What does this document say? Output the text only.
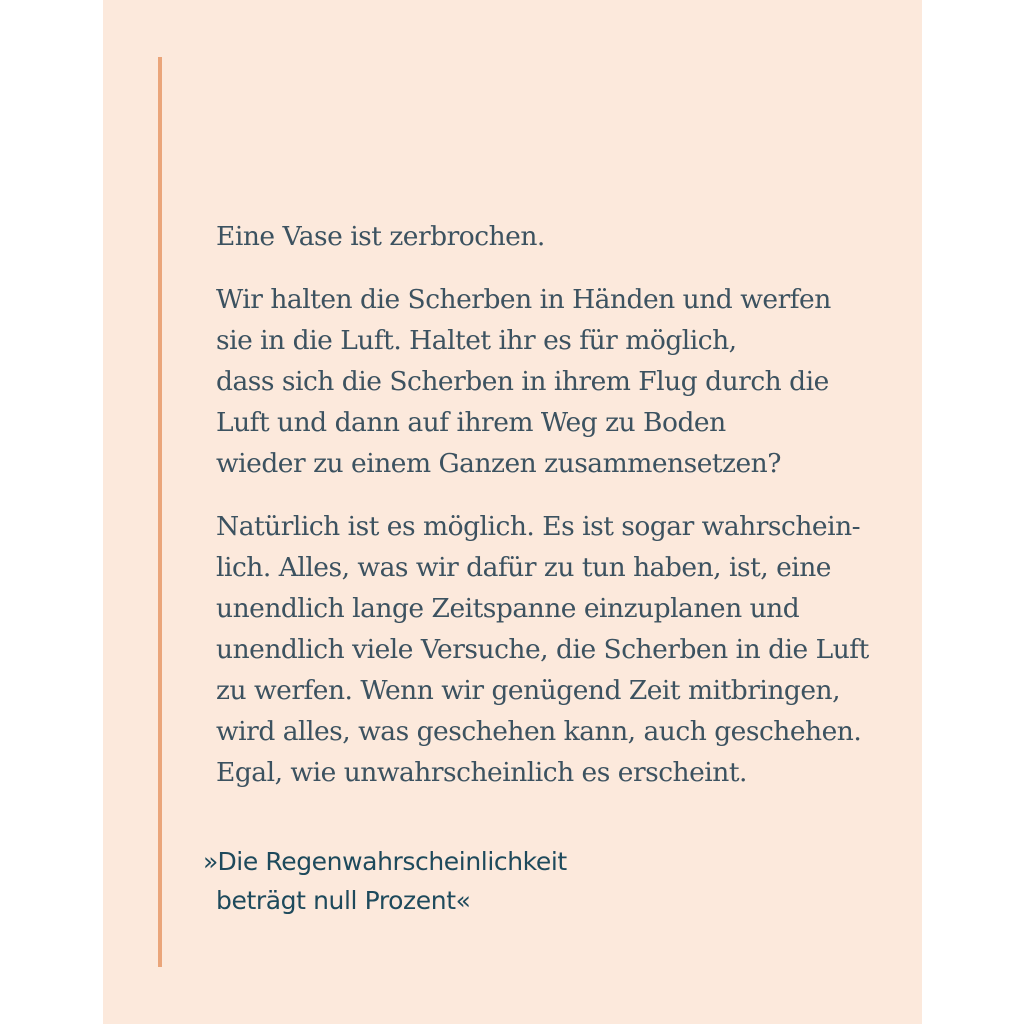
Eine Vase ist zerbrochen.

Wir halten die Scherben in Händen und werfen
sie in die Luft. Haltet ihr es für möglich,
dass sich die Scherben in ihrem Flug durch die
Luft und dann auf ihrem Weg zu Boden
wieder zu einem Ganzen zusammensetzen?

Natürlich ist es möglich. Es ist sogar wahrschein-
lich. Alles, was wir dafür zu tun haben, ist, eine
unendlich lange Zeitspanne einzuplanen und
unendlich viele Versuche, die Scherben in die Luft
zu werfen. Wenn wir genügend Zeit mitbringen,
wird alles, was geschehen kann, auch geschehen.
Egal, wie unwahrscheinlich es erscheint.

»Die Regenwahrscheinlichkeit
beträgt null Prozent«
